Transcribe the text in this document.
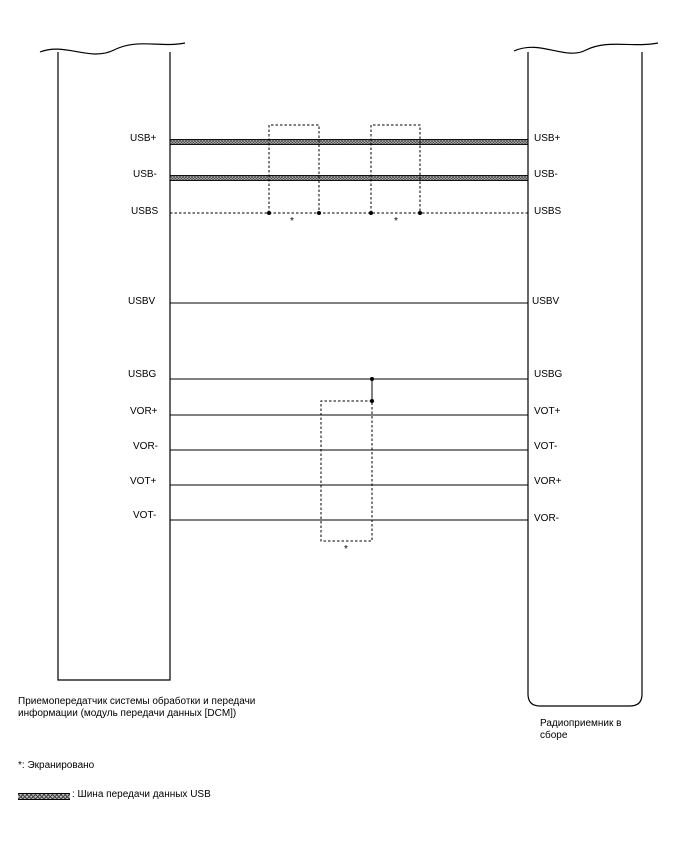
*	*
*
USB+
USB-
USBS
USBV
USBG
VOR+
VOR-
VOT+
VOT-
USB+
USB-
USBS
USBV
USBG
VOT+
VOT-
VOR+
VOR-

Приемопередатчик системы обработки и передачи информации (модуль передачи данных [DCM])

Радиоприемник в сборе

*: Экранировано

: Шина передачи данных USB
